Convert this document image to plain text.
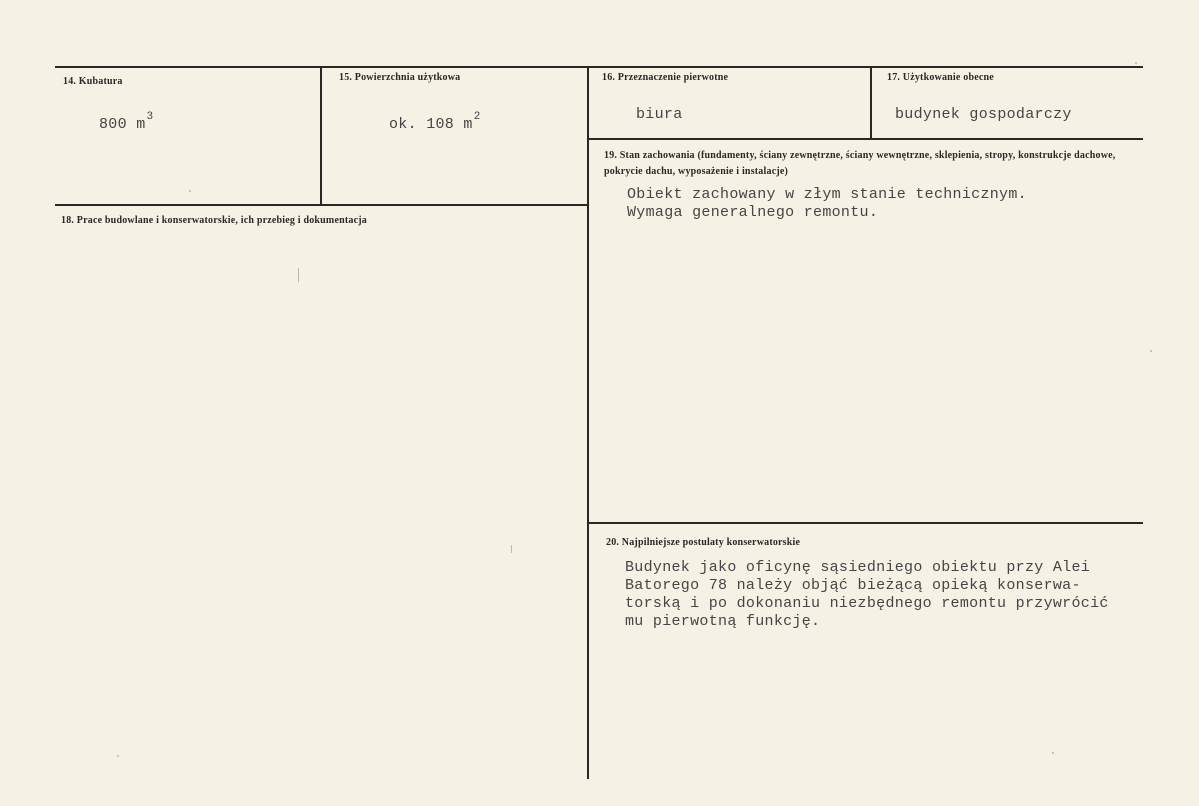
14. Kubatura
800 $m^3$
15. Powierzchnia użytkowa
ok. 108 $m^2$
16. Przeznaczenie pierwotne
biura
17. Użytkowanie obecne
budynek gospodarczy
18. Prace budowlane i konserwatorskie, ich przebieg i dokumentacja
19. Stan zachowania (fundamenty, ściany zewnętrzne, ściany wewnętrzne, sklepienia, stropy, konstrukcje dachowe, pokrycie dachu, wyposażenie i instalacje)
Obiekt zachowany w złym stanie technicznym.
Wymaga generalnego remontu.
20. Najpilniejsze postulaty konserwatorskie
Budynek jako oficynę sąsiedniego obiektu przy Alei
Batorego 78 należy objąć bieżącą opieką konserwa-
torską i po dokonaniu niezbędnego remontu przywrócić
mu pierwotną funkcję.
